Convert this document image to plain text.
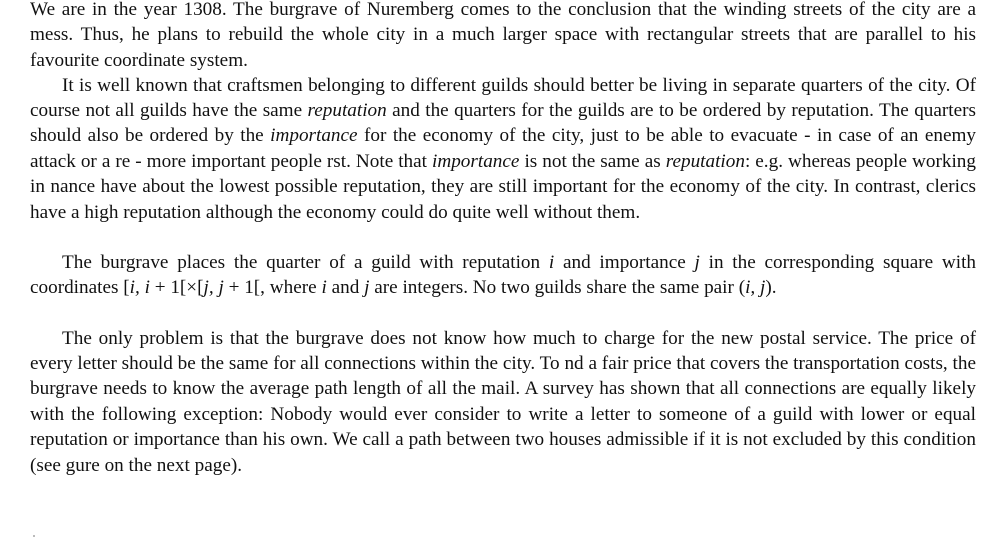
We are in the year 1308. The burgrave of Nuremberg comes to the conclusion that the winding streets of the city are a mess. Thus, he plans to rebuild the whole city in a much larger space with rectangular streets that are parallel to his favourite coordinate system.

It is well known that craftsmen belonging to different guilds should better be living in separate quarters of the city. Of course not all guilds have the same reputation and the quarters for the guilds are to be ordered by reputation. The quarters should also be ordered by the importance for the economy of the city, just to be able to evacuate - in case of an enemy attack or a re - more important people rst. Note that importance is not the same as reputation: e.g. whereas people working in nance have about the lowest possible reputation, they are still important for the economy of the city. In contrast, clerics have a high reputation although the economy could do quite well without them.

The burgrave places the quarter of a guild with reputation i and importance j in the corresponding square with coordinates [i, i + 1[×[j, j + 1[, where i and j are integers. No two guilds share the same pair (i, j).

The only problem is that the burgrave does not know how much to charge for the new postal service. The price of every letter should be the same for all connections within the city. To nd a fair price that covers the transportation costs, the burgrave needs to know the average path length of all the mail. A survey has shown that all connections are equally likely with the following exception: Nobody would ever consider to write a letter to someone of a guild with lower or equal reputation or importance than his own. We call a path between two houses admissible if it is not excluded by this condition (see gure on the next page).
